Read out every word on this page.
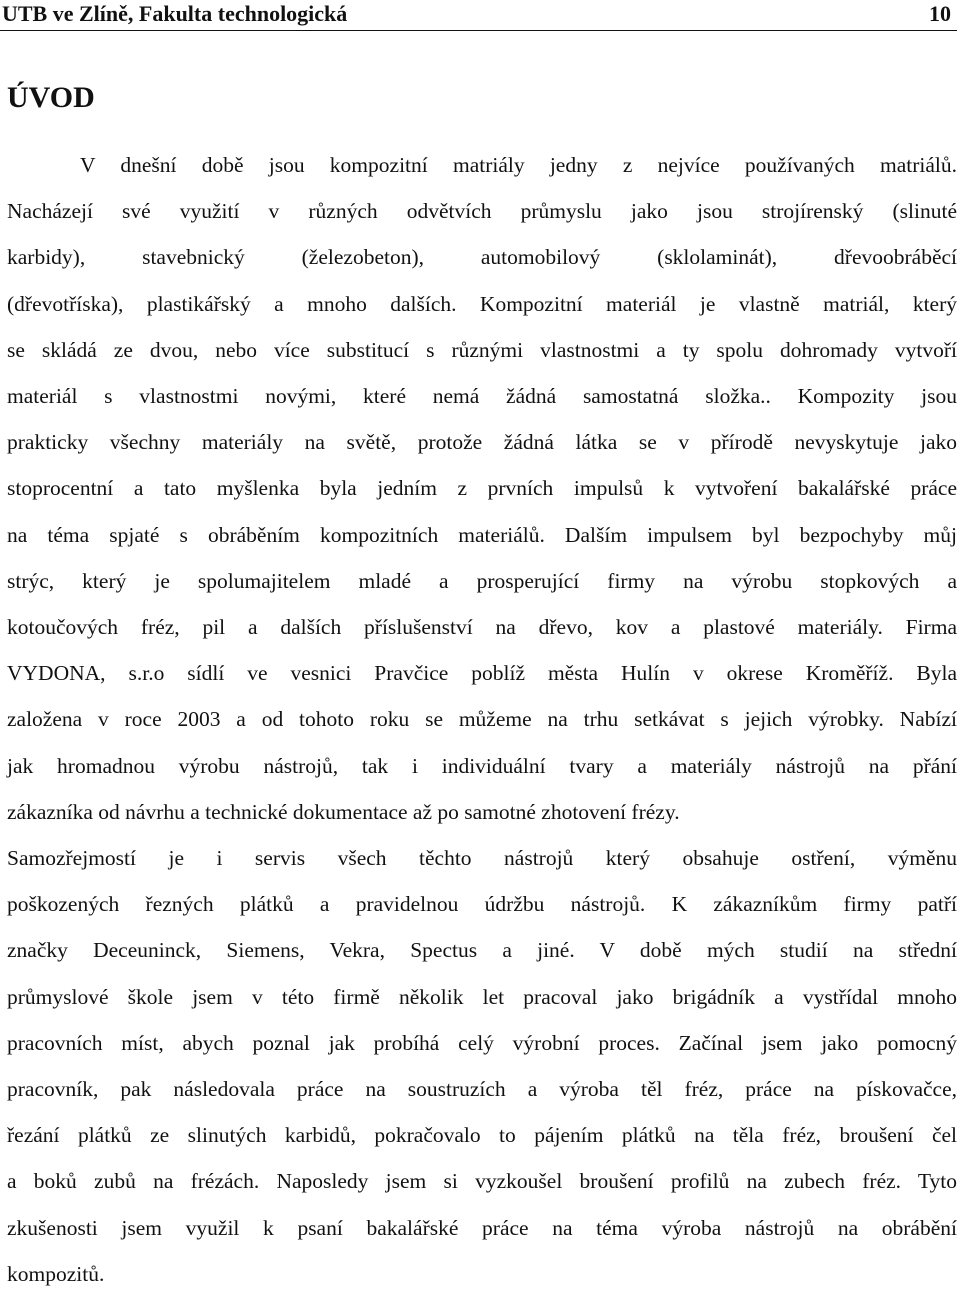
UTB ve Zlíně, Fakulta technologická	10
ÚVOD
V dnešní době jsou kompozitní matriály jedny z nejvíce používaných matriálů.
Nacházejí své využití v různých odvětvích průmyslu jako jsou strojírenský (slinuté
karbidy), stavebnický (železobeton), automobilový (sklolaminát), dřevoobráběcí
(dřevotříska), plastikářský a mnoho dalších. Kompozitní materiál je vlastně matriál, který
se skládá ze dvou, nebo více substitucí s různými vlastnostmi a ty spolu dohromady vytvoří
materiál s vlastnostmi novými, které nemá žádná samostatná složka.. Kompozity jsou
prakticky všechny materiály na světě, protože žádná látka se v přírodě nevyskytuje jako
stoprocentní a tato myšlenka byla jedním z prvních impulsů k vytvoření bakalářské práce
na téma spjaté s obráběním kompozitních materiálů. Dalším impulsem byl bezpochyby můj
strýc, který je spolumajitelem mladé a prosperující firmy na výrobu stopkových a
kotoučových fréz, pil a dalších příslušenství na dřevo, kov a plastové materiály. Firma
VYDONA, s.r.o sídlí ve vesnici Pravčice poblíž města Hulín v okrese Kroměříž. Byla
založena v roce 2003 a od tohoto roku se můžeme na trhu setkávat s jejich výrobky. Nabízí
jak hromadnou výrobu nástrojů, tak i individuální tvary a materiály nástrojů na přání
zákazníka od návrhu a technické dokumentace až po samotné zhotovení frézy.
Samozřejmostí je i servis všech těchto nástrojů který obsahuje ostření, výměnu
poškozených řezných plátků a pravidelnou údržbu nástrojů. K zákazníkům firmy patří
značky Deceuninck, Siemens, Vekra, Spectus a jiné. V době mých studií na střední
průmyslové škole jsem v této firmě několik let pracoval jako brigádník a vystřídal mnoho
pracovních míst, abych poznal jak probíhá celý výrobní proces. Začínal jsem jako pomocný
pracovník, pak následovala práce na soustruzích a výroba těl fréz, práce na pískovačce,
řezání plátků ze slinutých karbidů, pokračovalo to pájením plátků na těla fréz, broušení čel
a boků zubů na frézách. Naposledy jsem si vyzkoušel broušení profilů na zubech fréz. Tyto
zkušenosti jsem využil k psaní bakalářské práce na téma výroba nástrojů na obrábění
kompozitů.
